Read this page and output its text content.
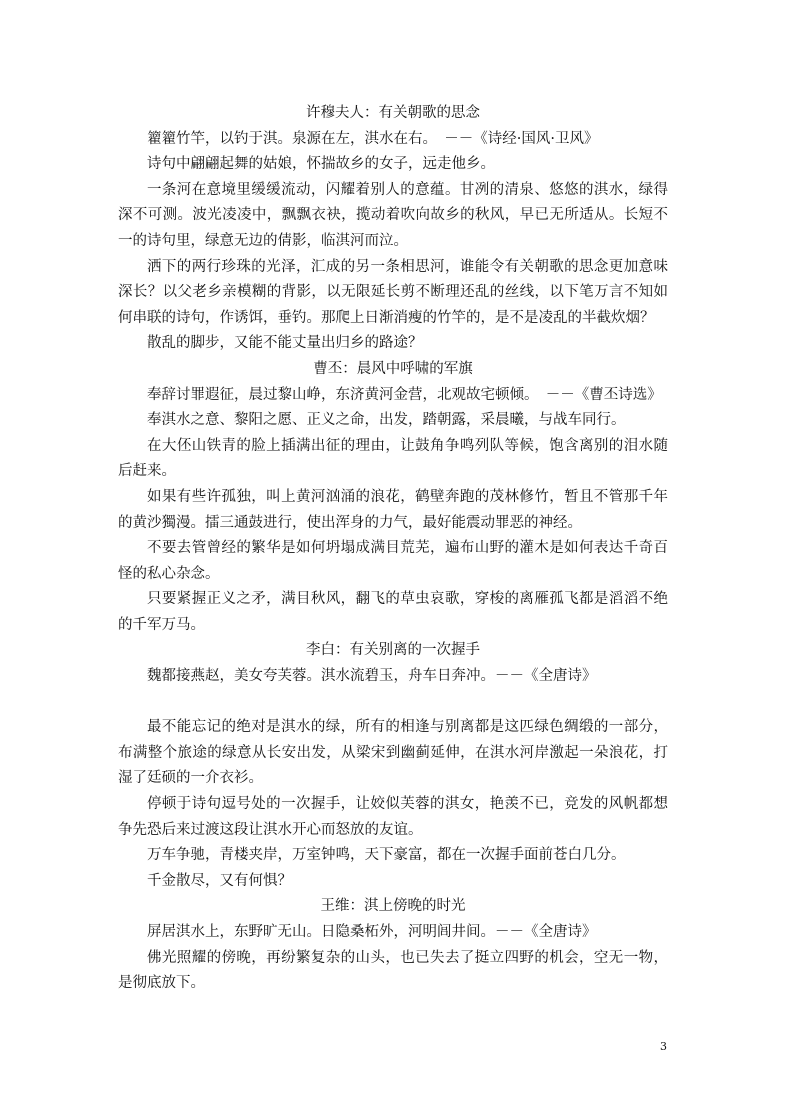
许穆夫人：有关朝歌的思念

籊籊竹竿，以钓于淇。泉源在左，淇水在右。　－－《诗经·国风·卫风》

诗句中翩翩起舞的姑娘，怀揣故乡的女子，远走他乡。

一条河在意境里缓缓流动，闪耀着别人的意蕴。甘冽的清泉、悠悠的淇水，绿得深不可测。波光凌凌中，飘飘衣袂，揽动着吹向故乡的秋风，早已无所适从。长短不一的诗句里，绿意无边的倩影，临淇河而泣。

洒下的两行珍珠的光泽，汇成的另一条相思河，谁能令有关朝歌的思念更加意味深长？以父老乡亲模糊的背影，以无限延长剪不断理还乱的丝线，以下笔万言不知如何串联的诗句，作诱饵，垂钓。那爬上日渐消瘦的竹竿的，是不是凌乱的半截炊烟？

散乱的脚步，又能不能丈量出归乡的路途？

曹丕：晨风中呼啸的军旗

奉辞讨罪遐征，晨过黎山峥，东济黄河金营，北观故宅顿倾。　－－《曹丕诗选》

奉淇水之意、黎阳之愿、正义之命，出发，踏朝露，采晨曦，与战车同行。

在大伾山铁青的脸上插满出征的理由，让鼓角争鸣列队等候，饱含离别的泪水随后赶来。

如果有些许孤独，叫上黄河汹涌的浪花，鹤壁奔跑的茂林修竹，暂且不管那千年的黄沙獨漫。擂三通鼓进行，使出浑身的力气，最好能震动罪恶的神经。

不要去管曾经的繁华是如何坍塌成满目荒芜，遍布山野的灌木是如何表达千奇百怪的私心杂念。

只要紧握正义之矛，满目秋风，翻飞的草虫哀歌，穿梭的离雁孤飞都是滔滔不绝的千军万马。

李白：有关别离的一次握手

魏都接燕赵，美女夸芙蓉。淇水流碧玉，舟车日奔冲。－－《全唐诗》

最不能忘记的绝对是淇水的绿，所有的相逢与别离都是这匹绿色绸缎的一部分，布满整个旅途的绿意从长安出发，从梁宋到幽蓟延伸，在淇水河岸激起一朵浪花，打湿了廷硕的一介衣衫。

停顿于诗句逗号处的一次握手，让姣似芙蓉的淇女，艳羡不已，竞发的风帆都想争先恐后来过渡这段让淇水开心而怒放的友谊。

万车争驰，青楼夹岸，万室钟鸣，天下豪富，都在一次握手面前苍白几分。

千金散尽，又有何惧？

王维：淇上傍晚的时光

屏居淇水上，东野旷无山。日隐桑柘外，河明闾井间。－－《全唐诗》

佛光照耀的傍晚，再纷繁复杂的山头，也已失去了挺立四野的机会，空无一物，是彻底放下。

3
